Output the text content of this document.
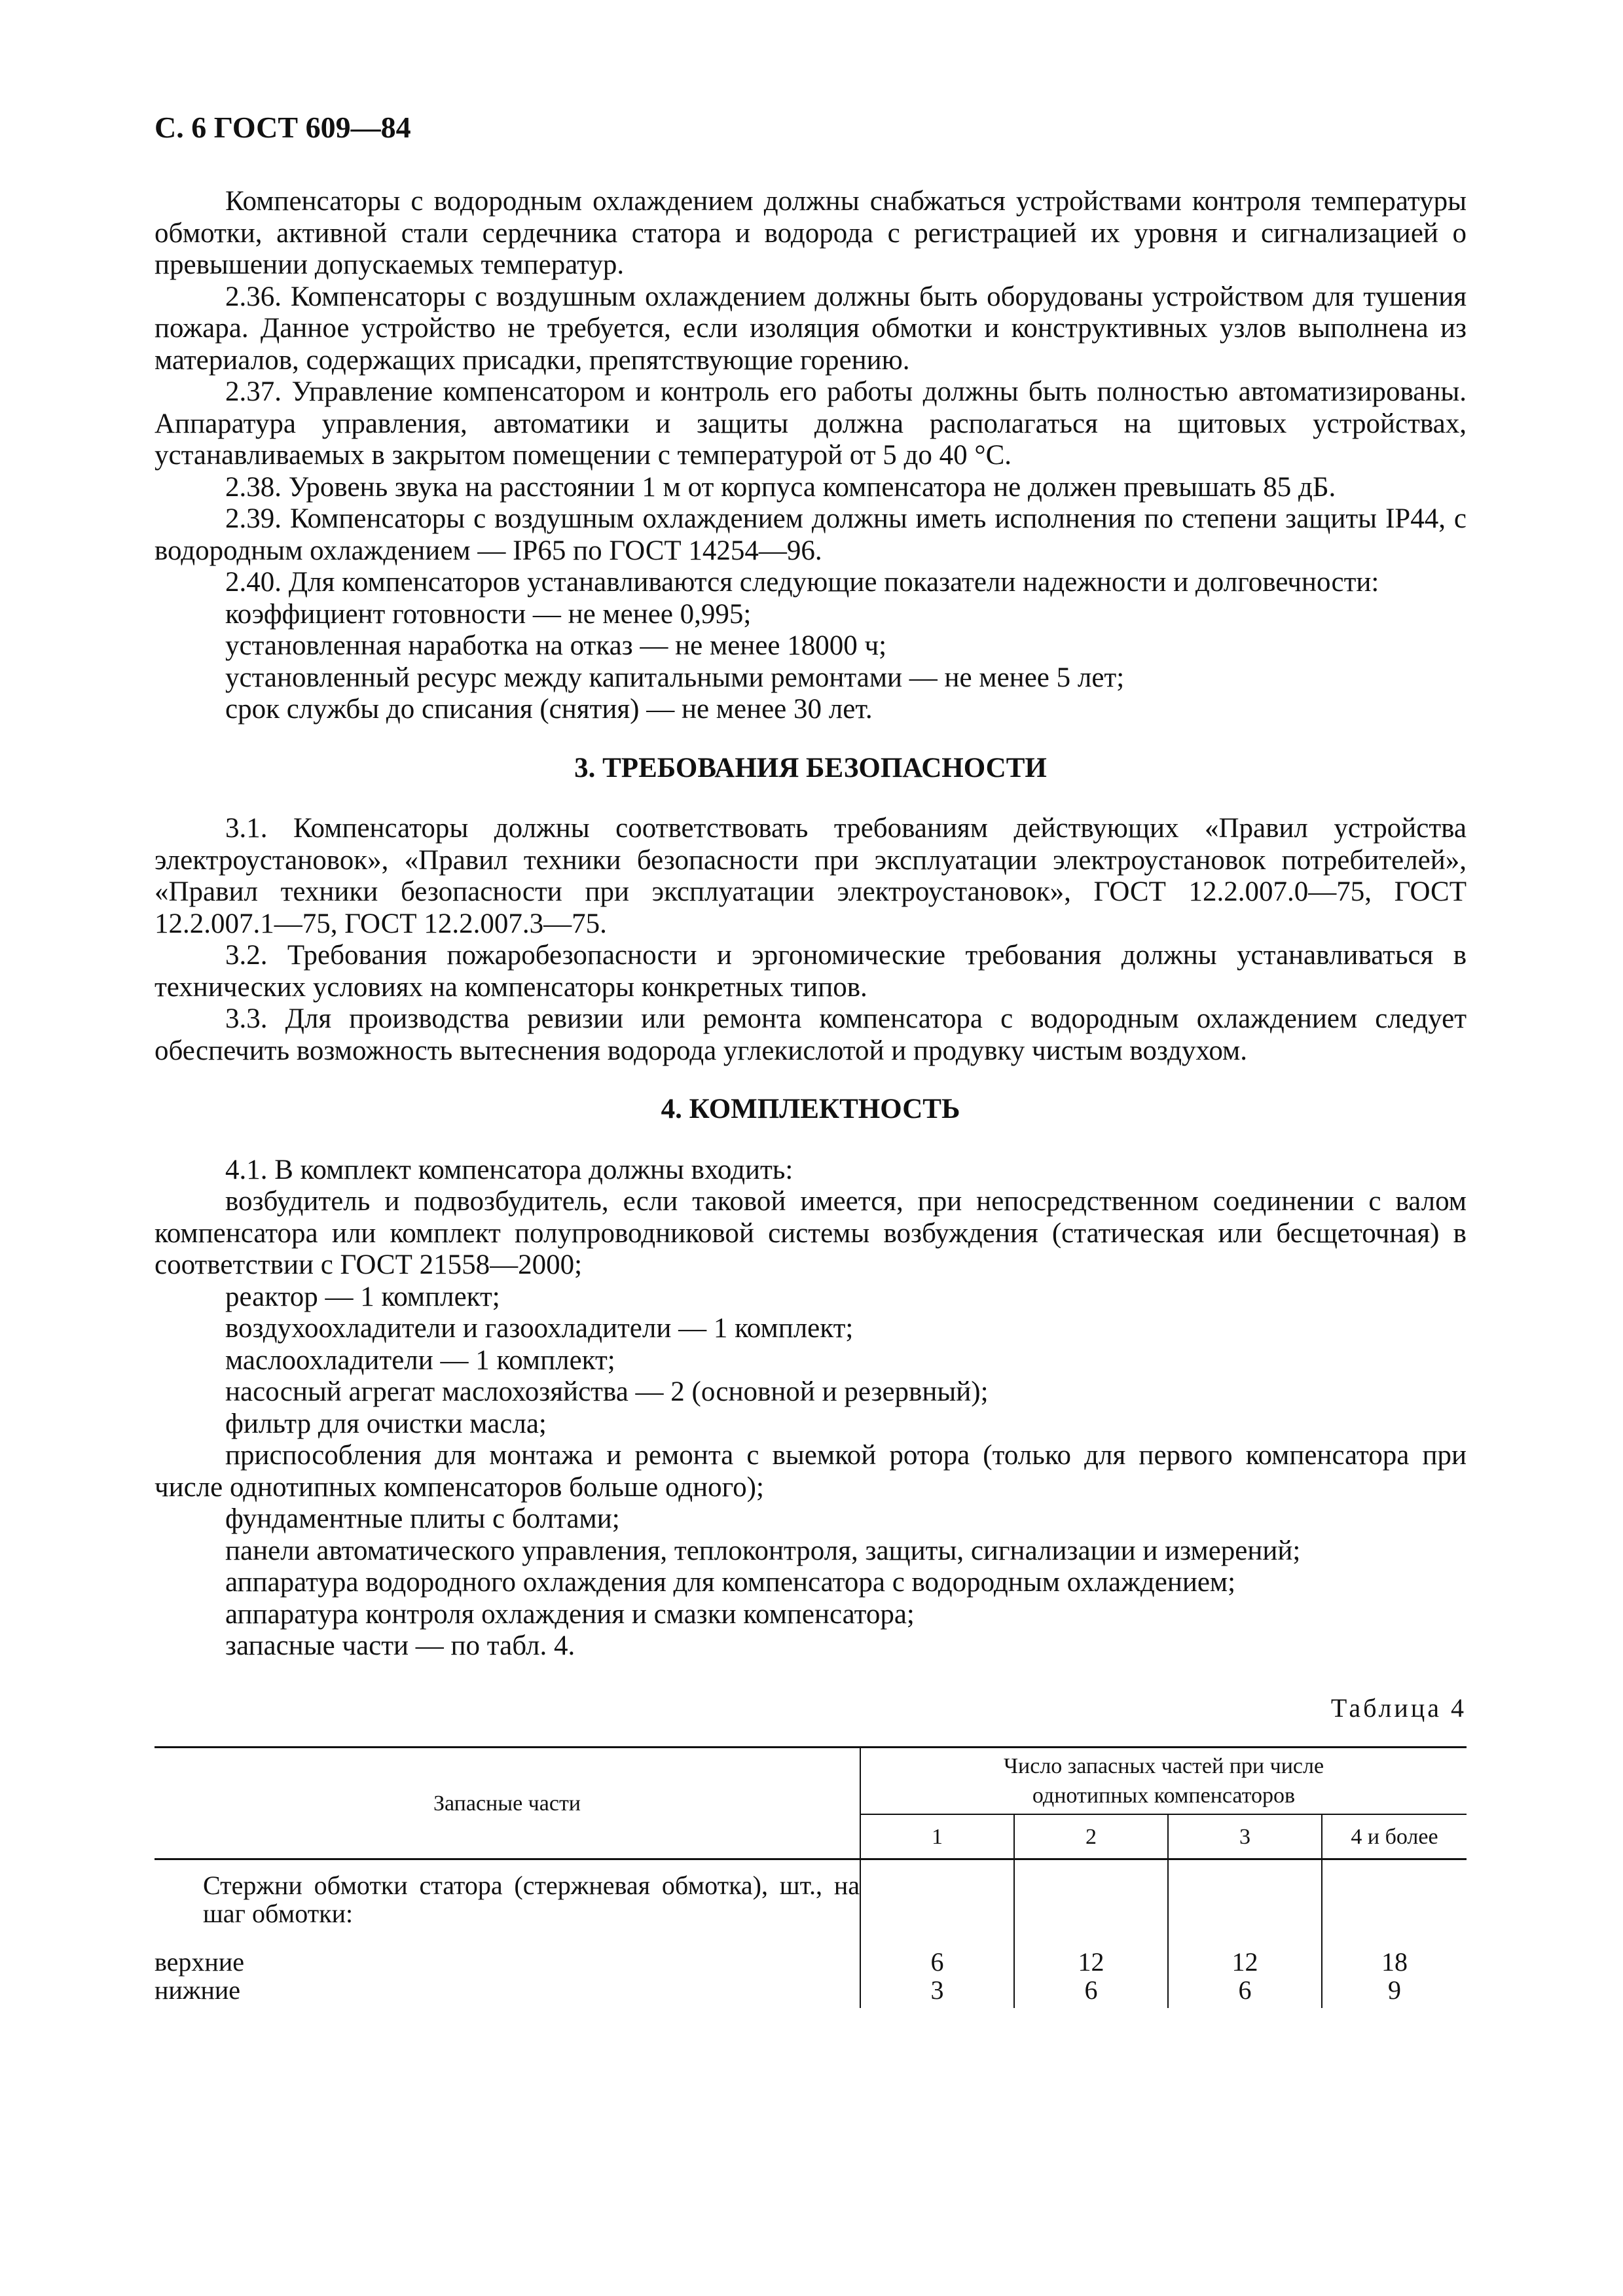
С. 6 ГОСТ 609—84

Компенсаторы с водородным охлаждением должны снабжаться устройствами контроля температуры обмотки, активной стали сердечника статора и водорода с регистрацией их уровня и сигнализацией о превышении допускаемых температур.

2.36. Компенсаторы с воздушным охлаждением должны быть оборудованы устройством для тушения пожара. Данное устройство не требуется, если изоляция обмотки и конструктивных узлов выполнена из материалов, содержащих присадки, препятствующие горению.

2.37. Управление компенсатором и контроль его работы должны быть полностью автоматизированы. Аппаратура управления, автоматики и защиты должна располагаться на щитовых устройствах, устанавливаемых в закрытом помещении с температурой от 5 до 40 °С.

2.38. Уровень звука на расстоянии 1 м от корпуса компенсатора не должен превышать 85 дБ.

2.39. Компенсаторы с воздушным охлаждением должны иметь исполнения по степени защиты IP44, с водородным охлаждением — IP65 по ГОСТ 14254—96.

2.40. Для компенсаторов устанавливаются следующие показатели надежности и долговечности:

коэффициент готовности — не менее 0,995;

установленная наработка на отказ — не менее 18000 ч;

установленный ресурс между капитальными ремонтами — не менее 5 лет;

срок службы до списания (снятия) — не менее 30 лет.

3. ТРЕБОВАНИЯ БЕЗОПАСНОСТИ

3.1. Компенсаторы должны соответствовать требованиям действующих «Правил устройства электроустановок», «Правил техники безопасности при эксплуатации электроустановок потребителей», «Правил техники безопасности при эксплуатации электроустановок», ГОСТ 12.2.007.0—75, ГОСТ 12.2.007.1—75, ГОСТ 12.2.007.3—75.

3.2. Требования пожаробезопасности и эргономические требования должны устанавливаться в технических условиях на компенсаторы конкретных типов.

3.3. Для производства ревизии или ремонта компенсатора с водородным охлаждением следует обеспечить возможность вытеснения водорода углекислотой и продувку чистым воздухом.

4. КОМПЛЕКТНОСТЬ

4.1. В комплект компенсатора должны входить:

возбудитель и подвозбудитель, если таковой имеется, при непосредственном соединении с валом компенсатора или комплект полупроводниковой системы возбуждения (статическая или бесщеточная) в соответствии с ГОСТ 21558—2000;

реактор — 1 комплект;

воздухоохладители и газоохладители — 1 комплект;

маслоохладители — 1 комплект;

насосный агрегат маслохозяйства — 2 (основной и резервный);

фильтр для очистки масла;

приспособления для монтажа и ремонта с выемкой ротора (только для первого компенсатора при числе однотипных компенсаторов больше одного);

фундаментные плиты с болтами;

панели автоматического управления, теплоконтроля, защиты, сигнализации и измерений;

аппаратура водородного охлаждения для компенсатора с водородным охлаждением;

аппаратура контроля охлаждения и смазки компенсатора;

запасные части — по табл. 4.

Таблица 4

Запасные части	Число запасных частей при числе однотипных компенсаторов			

	1	2	3	4 и более

Стержни обмотки статора (стержневая обмотка), шт., на шаг обмотки:				

верхние	6	12	12	18
нижние	3	6	6	9
